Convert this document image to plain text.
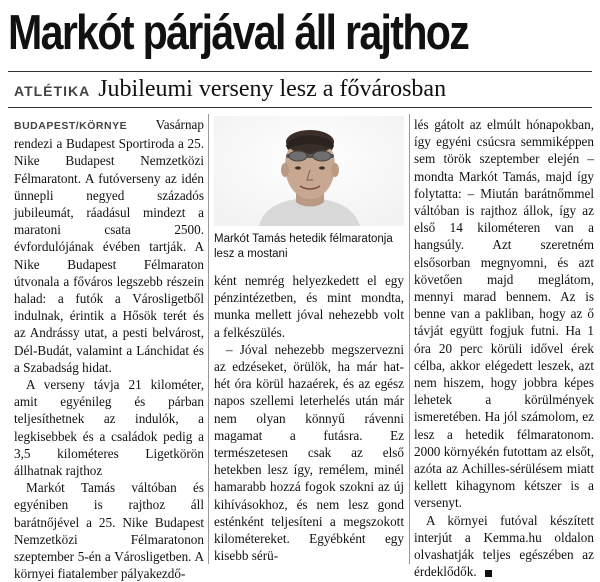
Markót párjával áll rajthoz
ATLÉTIKA Jubileumi verseny lesz a fővárosban

BUDAPEST/KÖRNYE Vasárnap rendezi a Budapest Sportiroda a 25. Nike Budapest Nemzetközi Félmaratont. A futóverseny az idén ünnepli negyed századós jubileumát, ráadásul mindezt a maratoni csata 2500. évfordulójának évében tartják. A Nike Budapest Félmaraton útvonala a főváros legszebb részein halad: a futók a Városligetből indulnak, érintik a Hősök terét és az Andrássy utat, a pesti belvárost, Dél-Budát, valamint a Lánchidat és a Szabadság hidat.

A verseny távja 21 kilométer, amit egyénileg és párban teljesíthetnek az indulók, a legkisebbek és a családok pedig a 3,5 kilométeres Ligetkörön állhatnak rajthoz

Markót Tamás váltóban és egyéniben is rajthoz áll barátnőjével a 25. Nike Budapest Nemzetközi Félmaratonon szeptember 5-én a Városligetben. A környei fiatalember pályakezdő-

Markót Tamás hetedik félmaratonja lesz a mostani

ként nemrég helyezkedett el egy pénzintézetben, és mint mondta, munka mellett jóval nehezebb volt a felkészülés.

– Jóval nehezebb megszervezni az edzéseket, örülök, ha már hat-hét óra körül hazaérek, és az egész napos szellemi leterhelés után már nem olyan könnyű rávenni magamat a futásra. Ez természetesen csak az első hetekben lesz így, remélem, minél hamarabb hozzá fogok szokni az új kihívásokhoz, és nem lesz gond esténként teljesíteni a megszokott kilométereket. Egyébként egy kisebb sérü-

lés gátolt az elmúlt hónapokban, így egyéni csúcsra semmiképpen sem török szeptember elején – mondta Markót Tamás, majd így folytatta: – Miután barátnőmmel váltóban is rajthoz állok, így az első 14 kilométeren van a hangsúly. Azt szeretném elsősorban megnyomni, és azt követően majd meglátom, mennyi marad bennem. Az is benne van a pakliban, hogy az ő távját együtt fogjuk futni. Ha 1 óra 20 perc körüli idővel érek célba, akkor elégedett leszek, azt nem hiszem, hogy jobbra képes lehetek a körülmények ismeretében. Ha jól számolom, ez lesz a hetedik félmaratonom. 2000 környékén futottam az elsőt, azóta az Achilles-sérülésem miatt kellett kihagynom kétszer is a versenyt.

A környei futóval készített interjút a Kemma.hu oldalon olvashatják teljes egészében az érdeklődők.
